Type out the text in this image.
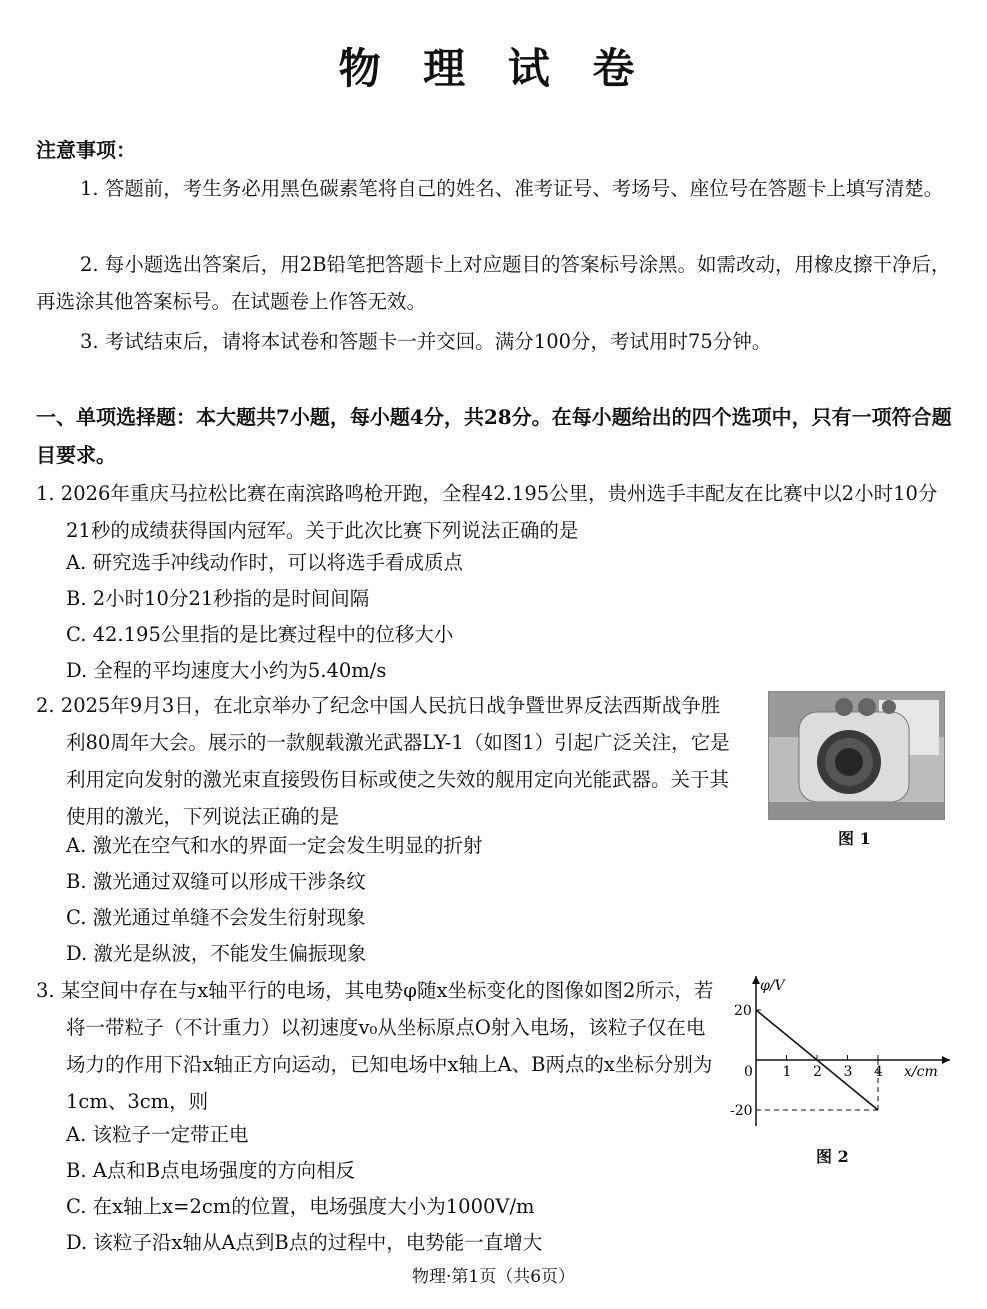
物 理 试 卷
注意事项：
1. 答题前，考生务必用黑色碳素笔将自己的姓名、准考证号、考场号、座位号在答题卡上填写清楚。
2. 每小题选出答案后，用2B铅笔把答题卡上对应题目的答案标号涂黑。如需改动，用橡皮擦干净后，再选涂其他答案标号。在试题卷上作答无效。
3. 考试结束后，请将本试卷和答题卡一并交回。满分100分，考试用时75分钟。
一、单项选择题：本大题共7小题，每小题4分，共28分。在每小题给出的四个选项中，只有一项符合题目要求。
1. 2026年重庆马拉松比赛在南滨路鸣枪开跑，全程42.195公里，贵州选手丰配友在比赛中以2小时10分21秒的成绩获得国内冠军。关于此次比赛下列说法正确的是
A. 研究选手冲线动作时，可以将选手看成质点
B. 2小时10分21秒指的是时间间隔
C. 42.195公里指的是比赛过程中的位移大小
D. 全程的平均速度大小约为5.40m/s
2. 2025年9月3日，在北京举办了纪念中国人民抗日战争暨世界反法西斯战争胜利80周年大会。展示的一款舰载激光武器LY-1（如图1）引起广泛关注，它是利用定向发射的激光束直接毁伤目标或使之失效的舰用定向光能武器。关于其使用的激光，下列说法正确的是
A. 激光在空气和水的界面一定会发生明显的折射
B. 激光通过双缝可以形成干涉条纹
C. 激光通过单缝不会发生衍射现象
D. 激光是纵波，不能发生偏振现象
图 1
3. 某空间中存在与x轴平行的电场，其电势φ随x坐标变化的图像如图2所示，若将一带粒子（不计重力）以初速度v₀从坐标原点O射入电场，该粒子仅在电场力的作用下沿x轴正方向运动，已知电场中x轴上A、B两点的x坐标分别为1cm、3cm，则
A. 该粒子一定带正电
B. A点和B点电场强度的方向相反
C. 在x轴上x=2cm的位置，电场强度大小为1000V/m
D. 该粒子沿x轴从A点到B点的过程中，电势能一直增大
φ/V
x/cm
0 1 2 3 4
20
-20
图 2
物理·第1页（共6页）
